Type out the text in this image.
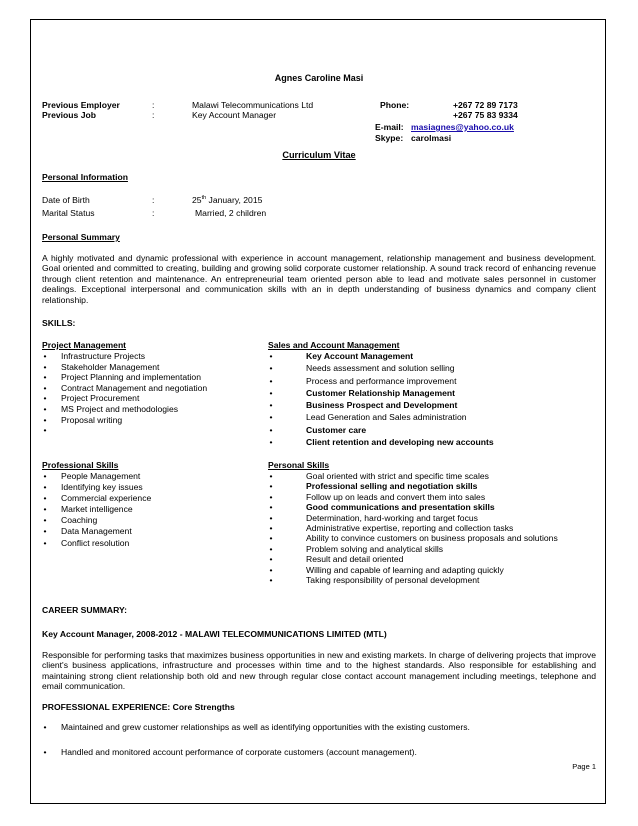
Agnes Caroline Masi
Previous Employer	:	Malawi Telecommunications Ltd
Previous Job	:	Key Account Manager
Phone:	+267 72 89 7173
+267 75 83 9334
E-mail: masiagnes@yahoo.co.uk
Skype: carolmasi
Curriculum Vitae
Personal Information
Date of Birth	:	25th January, 2015
Marital Status	:	Married, 2 children
Personal Summary
A highly motivated and dynamic professional with experience in account management, relationship management and business development. Goal oriented and committed to creating, building and growing solid corporate customer relationship. A sound track record of enhancing revenue through client retention and maintenance. An entrepreneurial team oriented person able to lead and motivate sales personnel in customer dealings. Exceptional interpersonal and communication skills with an in depth understanding of business dynamics and company client relationship.
SKILLS:
Project Management
• Infrastructure Projects
• Stakeholder Management
• Project Planning and implementation
• Contract Management and negotiation
• Project Procurement
• MS Project and methodologies
• Proposal writing
•
Sales and Account Management
•	Key Account Management
•	Needs assessment and solution selling
•	Process and performance improvement
•	Customer Relationship Management
•	Business Prospect and Development
•	Lead Generation and Sales administration
•	Customer care
•	Client retention and developing new accounts
Professional Skills
• People Management
• Identifying key issues
• Commercial experience
• Market intelligence
• Coaching
• Data Management
• Conflict resolution
Personal Skills
•	Goal oriented with strict and specific time scales
•	Professional selling and negotiation skills
•	Follow up on leads and convert them into sales
•	Good communications and presentation skills
•	Determination, hard-working and target focus
•	Administrative expertise, reporting and collection tasks
•	Ability to convince customers on business proposals and solutions
•	Problem solving and analytical skills
•	Result and detail oriented
•	Willing and capable of learning and adapting quickly
•	Taking responsibility of personal development
CAREER SUMMARY:
Key Account Manager, 2008-2012 - MALAWI TELECOMMUNICATIONS LIMITED (MTL)
Responsible for performing tasks that maximizes business opportunities in new and existing markets. In charge of delivering projects that improve client's business applications, infrastructure and processes within time and to the highest standards. Also responsible for establishing and maintaining strong client relationship both old and new through regular close contact account management including meetings, telephone and email communication.
PROFESSIONAL EXPERIENCE: Core Strengths
• Maintained and grew customer relationships as well as identifying opportunities with the existing customers.
• Handled and monitored account performance of corporate customers (account management).
Page 1
